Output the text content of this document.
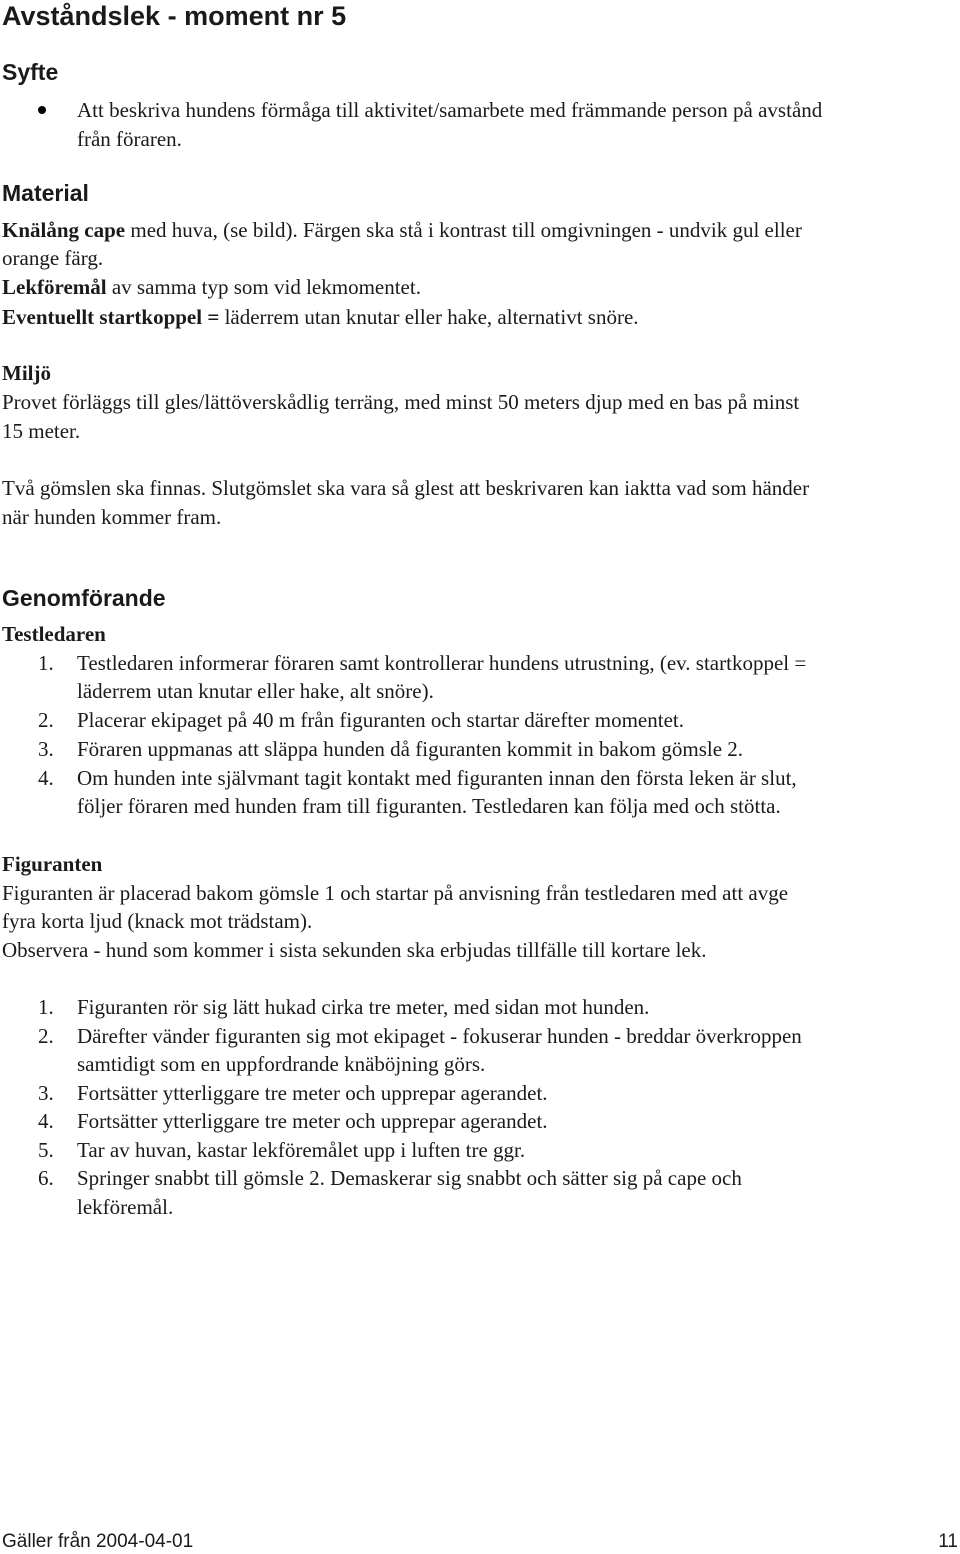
Avståndslek - moment nr 5
Syfte

Att beskriva hundens förmåga till aktivitet/samarbete med främmande person på avstånd

från föraren.

Material

Knälång cape med huva, (se bild). Färgen ska stå i kontrast till omgivningen - undvik gul eller

orange färg.

Lekföremål av samma typ som vid lekmomentet.

Eventuellt startkoppel = läderrem utan knutar eller hake, alternativt snöre.

Miljö

Provet förläggs till gles/lättöverskådlig terräng, med minst 50 meters djup med en bas på minst

15 meter.

Två gömslen ska finnas. Slutgömslet ska vara så glest att beskrivaren kan iaktta vad som händer

när hunden kommer fram.

Genomförande

Testledaren

1. Testledaren informerar föraren samt kontrollerar hundens utrustning, (ev. startkoppel =

läderrem utan knutar eller hake, alt snöre).

2. Placerar ekipaget på 40 m från figuranten och startar därefter momentet.

3. Föraren uppmanas att släppa hunden då figuranten kommit in bakom gömsle 2.

4. Om hunden inte självmant tagit kontakt med figuranten innan den första leken är slut,

följer föraren med hunden fram till figuranten. Testledaren kan följa med och stötta.

Figuranten

Figuranten är placerad bakom gömsle 1 och startar på anvisning från testledaren med att avge

fyra korta ljud (knack mot trädstam).

Observera - hund som kommer i sista sekunden ska erbjudas tillfälle till kortare lek.

1. Figuranten rör sig lätt hukad cirka tre meter, med sidan mot hunden.

2. Därefter vänder figuranten sig mot ekipaget - fokuserar hunden - breddar överkroppen

samtidigt som en uppfordrande knäböjning görs.

3. Fortsätter ytterliggare tre meter och upprepar agerandet.

4. Fortsätter ytterliggare tre meter och upprepar agerandet.

5. Tar av huvan, kastar lekföremålet upp i luften tre ggr.

6. Springer snabbt till gömsle 2. Demaskerar sig snabbt och sätter sig på cape och

lekföremål.

Gäller från 2004-04-01	11
